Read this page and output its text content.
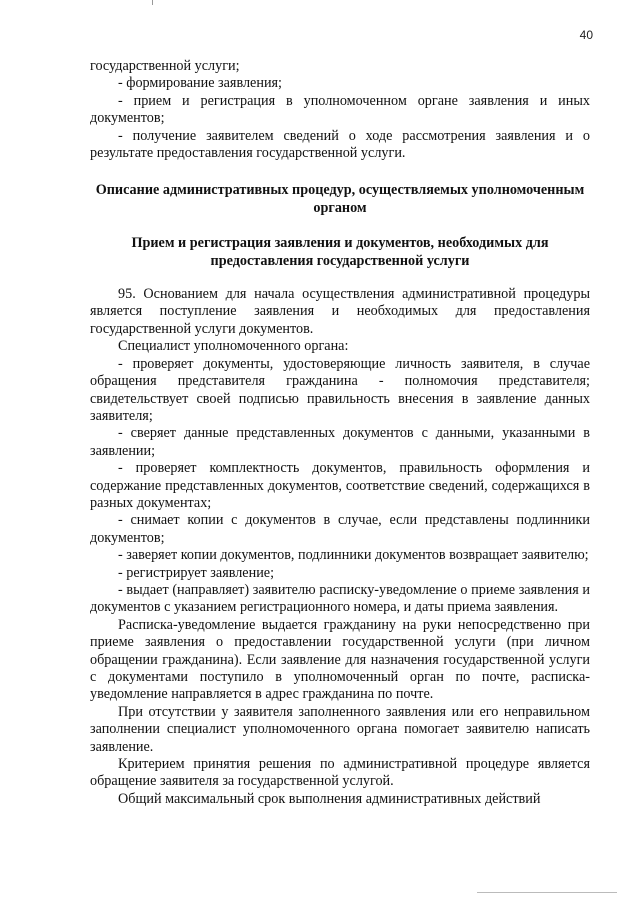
40

государственной услуги;

- формирование заявления;

- прием и регистрация в уполномоченном органе заявления и иных документов;

- получение заявителем сведений о ходе рассмотрения заявления и о результате предоставления государственной услуги.

Описание административных процедур, осуществляемых уполномоченным органом

Прием и регистрация заявления и документов, необходимых для предоставления государственной услуги

95. Основанием для начала осуществления административной процедуры является поступление заявления и необходимых для предоставления государственной услуги документов.

Специалист уполномоченного органа:

- проверяет документы, удостоверяющие личность заявителя, в случае обращения представителя гражданина - полномочия представителя; свидетельствует своей подписью правильность внесения в заявление данных заявителя;

- сверяет данные представленных документов с данными, указанными в заявлении;

- проверяет комплектность документов, правильность оформления и содержание представленных документов, соответствие сведений, содержащихся в разных документах;

- снимает копии с документов в случае, если представлены подлинники документов;

- заверяет копии документов, подлинники документов возвращает заявителю;

- регистрирует заявление;

- выдает (направляет) заявителю расписку-уведомление о приеме заявления и документов с указанием регистрационного номера, и даты приема заявления.

Расписка-уведомление выдается гражданину на руки непосредственно при приеме заявления о предоставлении государственной услуги (при личном обращении гражданина). Если заявление для назначения государственной услуги с документами поступило в уполномоченный орган по почте, расписка-уведомление направляется в адрес гражданина по почте.

При отсутствии у заявителя заполненного заявления или его неправильном заполнении специалист уполномоченного органа помогает заявителю написать заявление.

Критерием принятия решения по административной процедуре является обращение заявителя за государственной услугой.

Общий максимальный срок выполнения административных действий
